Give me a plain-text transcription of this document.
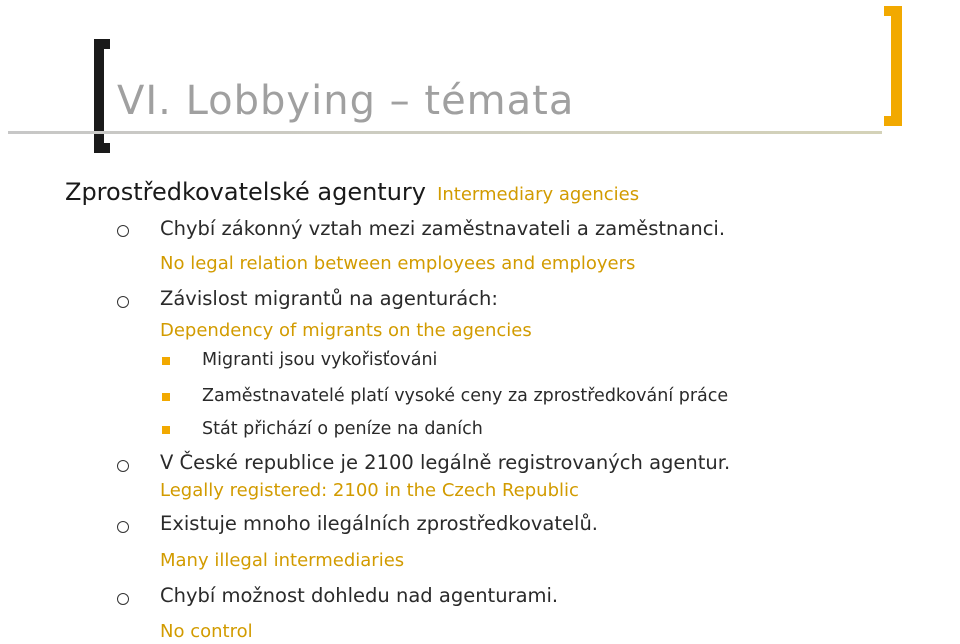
VI. Lobbying – témata
Zprostředkovatelské agentury Intermediary agencies
Chybí zákonný vztah mezi zaměstnavateli a zaměstnanci.
No legal relation between employees and employers
Závislost migrantů na agenturách:
Dependency of migrants on the agencies
Migranti jsou vykořisťováni
Zaměstnavatelé platí vysoké ceny za zprostředkování práce
Stát přichází o peníze na daních
V České republice je 2100 legálně registrovaných agentur.
Legally registered: 2100 in the Czech Republic
Existuje mnoho ilegálních zprostředkovatelů.
Many illegal intermediaries
Chybí možnost dohledu nad agenturami.
No control
